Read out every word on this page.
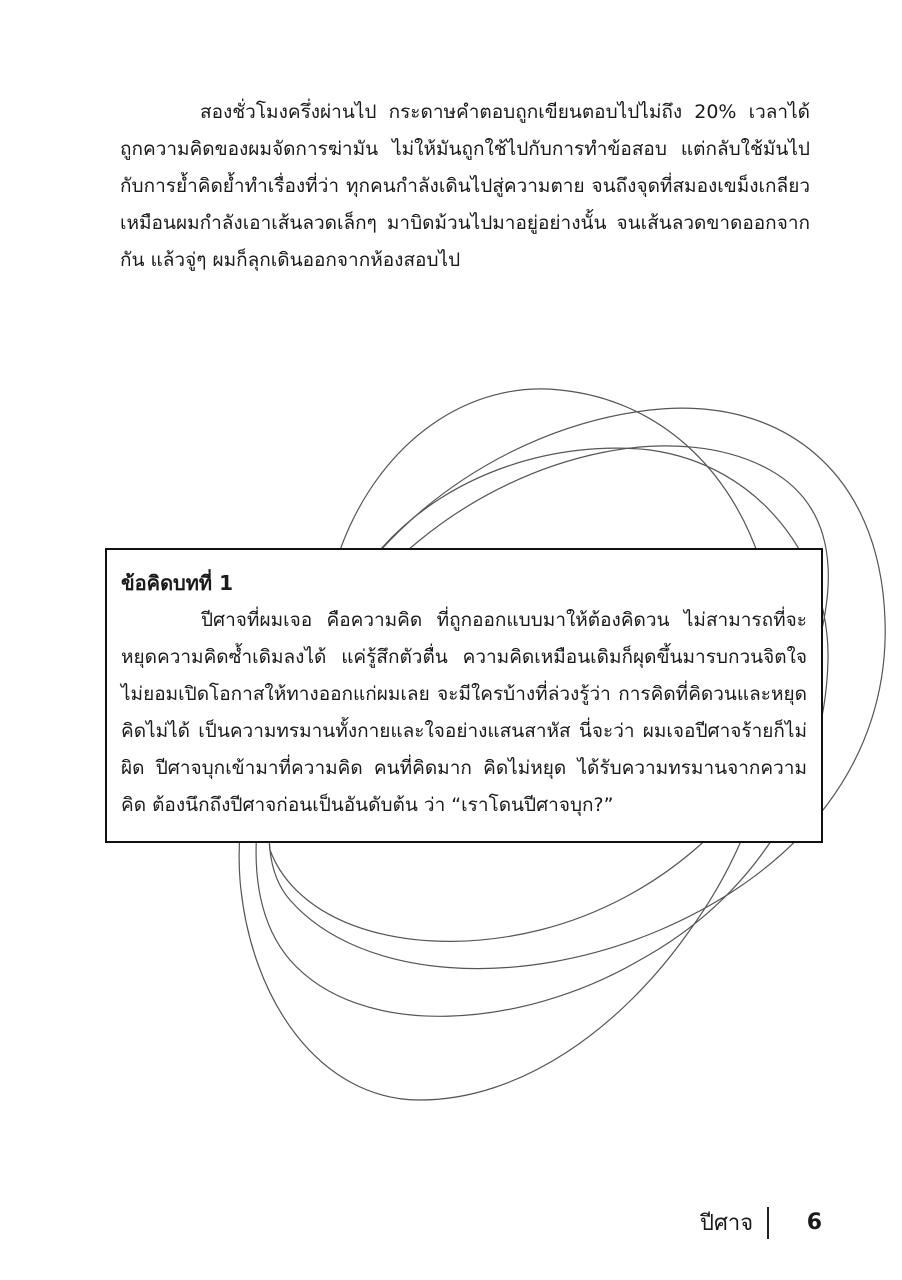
สองชั่วโมงครึ่งผ่านไป กระดาษคำตอบถูกเขียนตอบไปไม่ถึง 20% เวลาได้ถูกความคิดของผมจัดการฆ่ามัน ไม่ให้มันถูกใช้ไปกับการทำข้อสอบ แต่กลับใช้มันไปกับการย้ำคิดย้ำทำเรื่องที่ว่า ทุกคนกำลังเดินไปสู่ความตาย จนถึงจุดที่สมองเขม็งเกลียว เหมือนผมกำลังเอาเส้นลวดเล็กๆ มาบิดม้วนไปมาอยู่อย่างนั้น จนเส้นลวดขาดออกจากกัน แล้วจู่ๆ ผมก็ลุกเดินออกจากห้องสอบไป

ข้อคิดบทที่ 1

ปีศาจที่ผมเจอ คือความคิด ที่ถูกออกแบบมาให้ต้องคิดวน ไม่สามารถที่จะหยุดความคิดซ้ำเดิมลงได้ แค่รู้สึกตัวตื่น ความคิดเหมือนเดิมก็ผุดขึ้นมารบกวนจิตใจ ไม่ยอมเปิดโอกาสให้ทางออกแก่ผมเลย จะมีใครบ้างที่ล่วงรู้ว่า การคิดที่คิดวนและหยุดคิดไม่ได้ เป็นความทรมานทั้งกายและใจอย่างแสนสาหัส นี่จะว่า ผมเจอปีศาจร้ายก็ไม่ผิด ปีศาจบุกเข้ามาที่ความคิด คนที่คิดมาก คิดไม่หยุด ได้รับความทรมานจากความคิด ต้องนึกถึงปีศาจก่อนเป็นอันดับต้น ว่า “เราโดนปีศาจบุก?”

ปีศาจ 6
